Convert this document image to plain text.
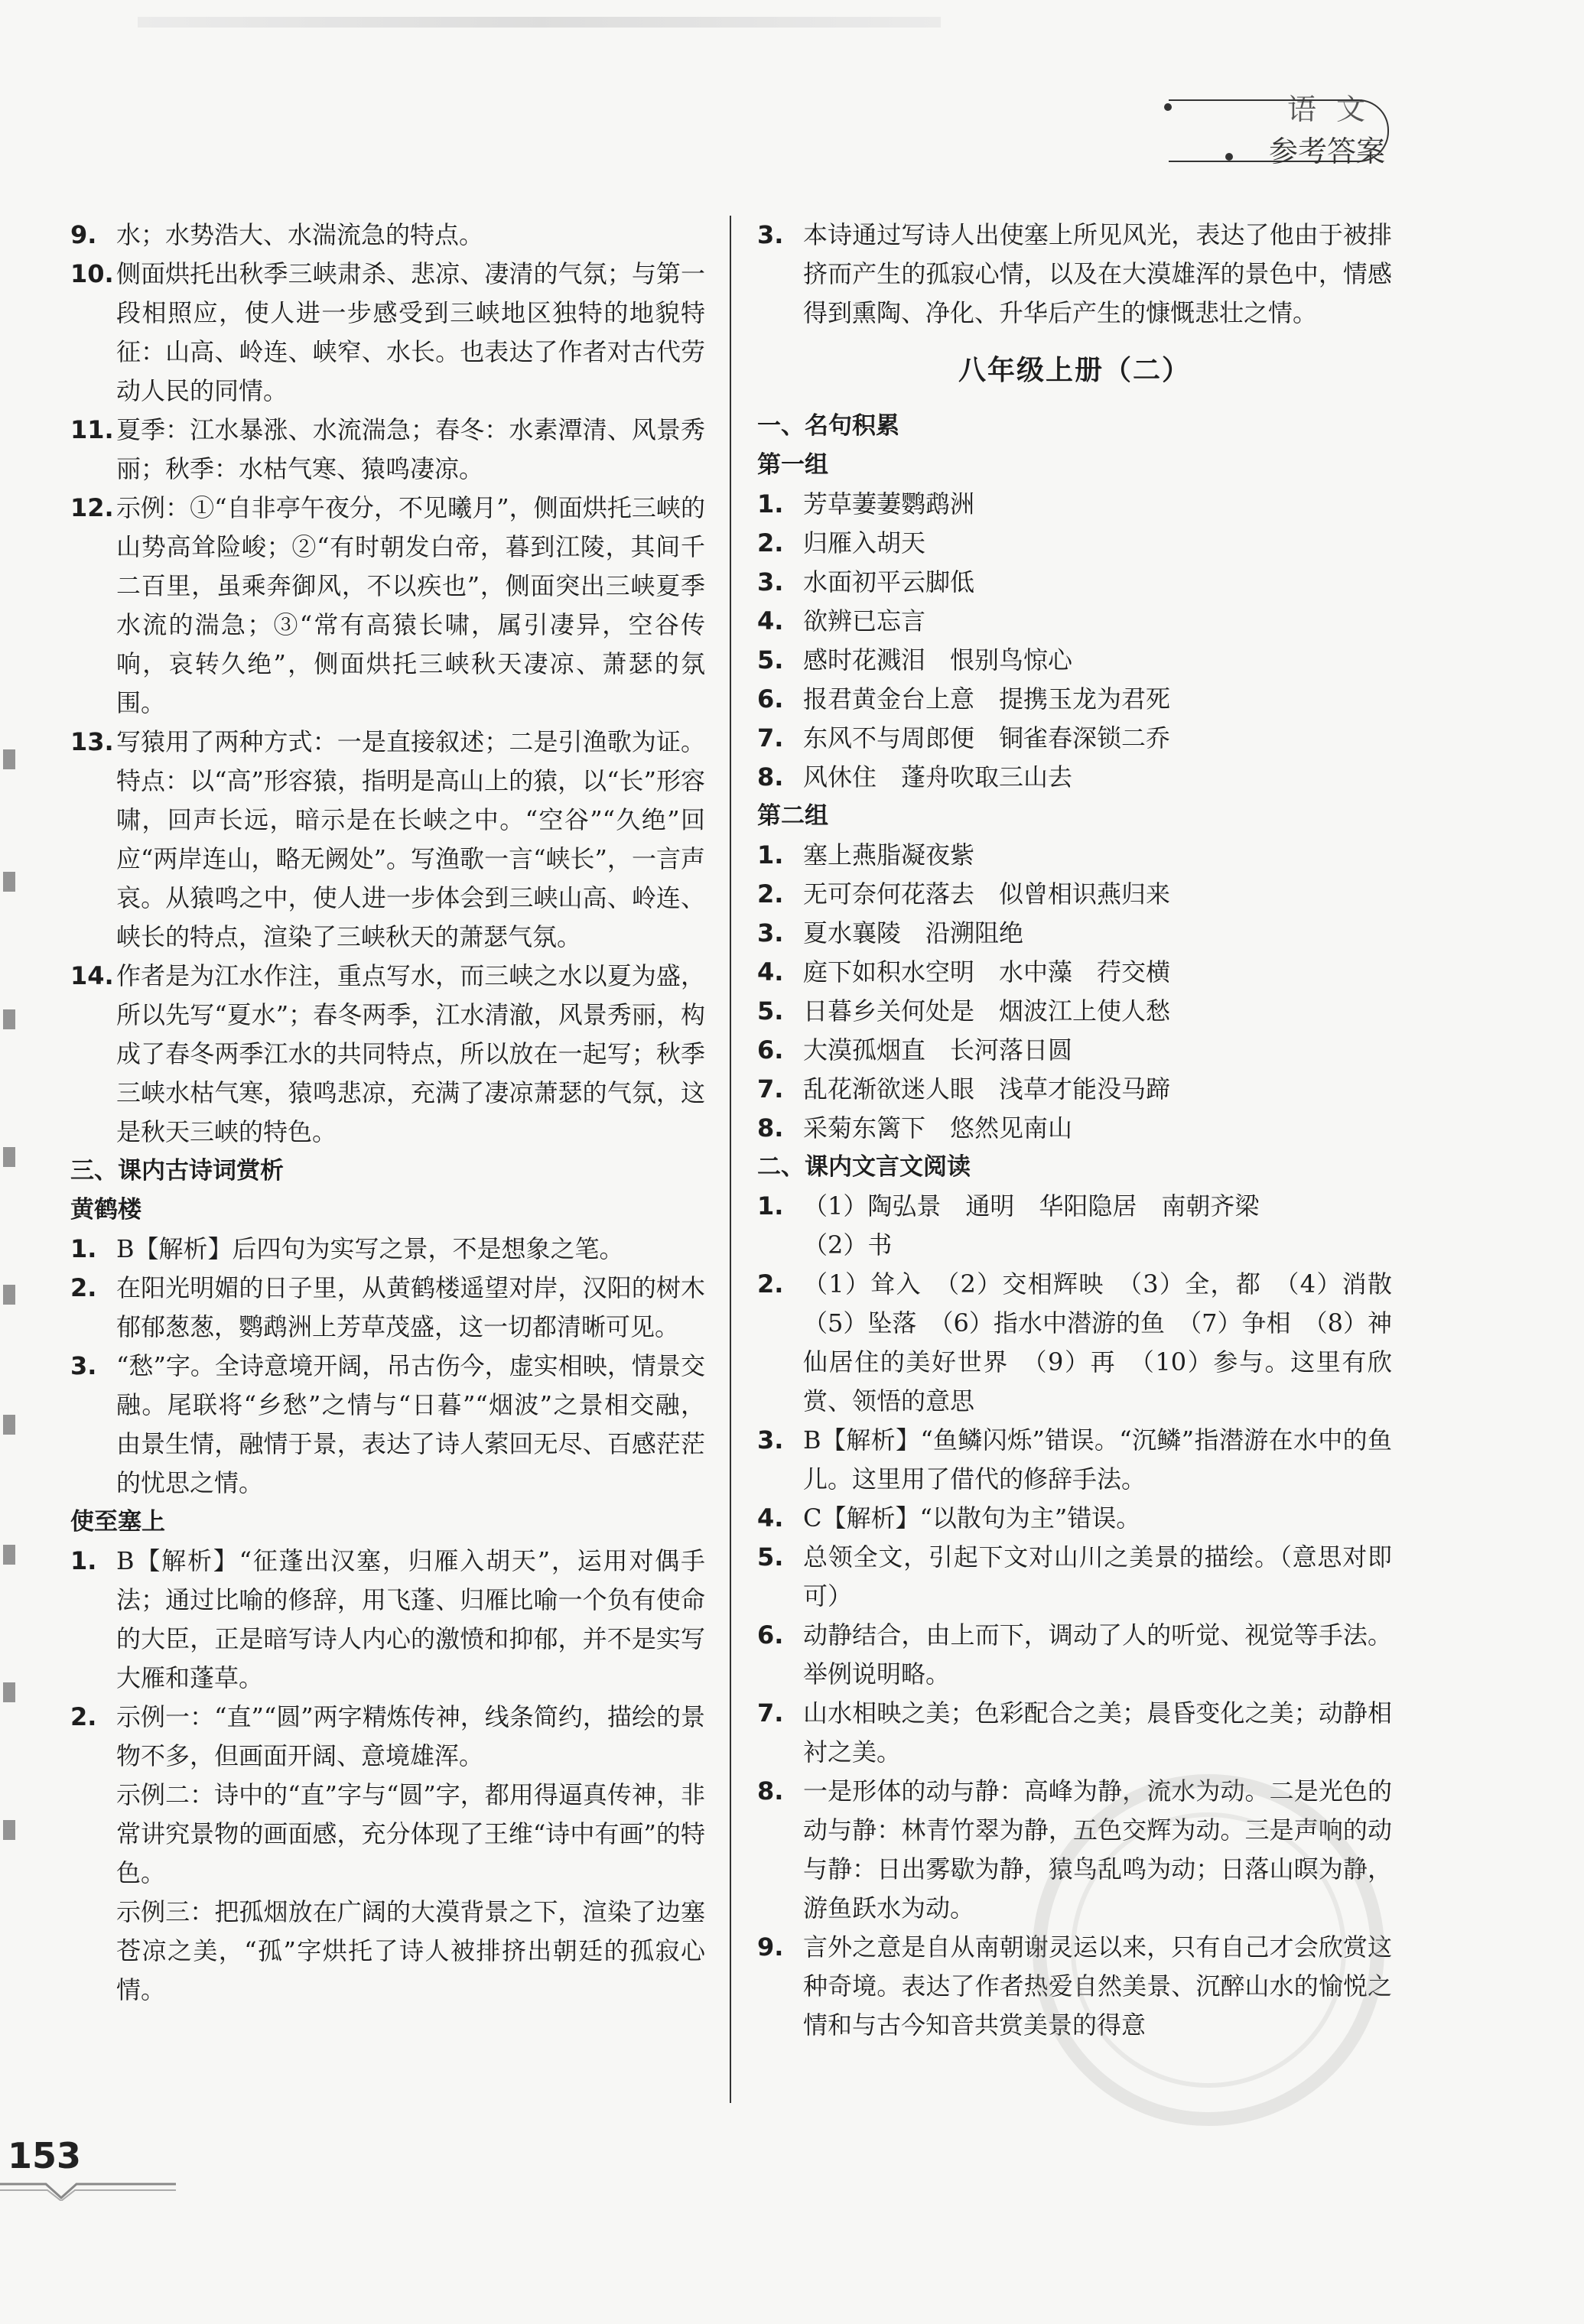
语文
参考答案
9. 水；水势浩大、水湍流急的特点。
10. 侧面烘托出秋季三峡肃杀、悲凉、凄清的气氛；与第一段相照应，使人进一步感受到三峡地区独特的地貌特征：山高、岭连、峡窄、水长。也表达了作者对古代劳动人民的同情。
11. 夏季：江水暴涨、水流湍急；春冬：水素潭清、风景秀丽；秋季：水枯气寒、猿鸣凄凉。
12. 示例：①“自非亭午夜分，不见曦月”，侧面烘托三峡的山势高耸险峻；②“有时朝发白帝，暮到江陵，其间千二百里，虽乘奔御风，不以疾也”，侧面突出三峡夏季水流的湍急；③“常有高猿长啸，属引凄异，空谷传响，哀转久绝”，侧面烘托三峡秋天凄凉、萧瑟的氛围。
13. 写猿用了两种方式：一是直接叙述；二是引渔歌为证。特点：以“高”形容猿，指明是高山上的猿，以“长”形容啸，回声长远，暗示是在长峡之中。“空谷”“久绝”回应“两岸连山，略无阙处”。写渔歌一言“峡长”，一言声哀。从猿鸣之中，使人进一步体会到三峡山高、岭连、峡长的特点，渲染了三峡秋天的萧瑟气氛。
14. 作者是为江水作注，重点写水，而三峡之水以夏为盛，所以先写“夏水”；春冬两季，江水清澈，风景秀丽，构成了春冬两季江水的共同特点，所以放在一起写；秋季三峡水枯气寒，猿鸣悲凉，充满了凄凉萧瑟的气氛，这是秋天三峡的特色。
三、课内古诗词赏析
黄鹤楼
1. B【解析】后四句为实写之景，不是想象之笔。
2. 在阳光明媚的日子里，从黄鹤楼遥望对岸，汉阳的树木郁郁葱葱，鹦鹉洲上芳草茂盛，这一切都清晰可见。
3. “愁”字。全诗意境开阔，吊古伤今，虚实相映，情景交融。尾联将“乡愁”之情与“日暮”“烟波”之景相交融，由景生情，融情于景，表达了诗人萦回无尽、百感茫茫的忧思之情。
使至塞上
1. B【解析】“征蓬出汉塞，归雁入胡天”，运用对偶手法；通过比喻的修辞，用飞蓬、归雁比喻一个负有使命的大臣，正是暗写诗人内心的激愤和抑郁，并不是实写大雁和蓬草。
2. 示例一：“直”“圆”两字精炼传神，线条简约，描绘的景物不多，但画面开阔、意境雄浑。
示例二：诗中的“直”字与“圆”字，都用得逼真传神，非常讲究景物的画面感，充分体现了王维“诗中有画”的特色。
示例三：把孤烟放在广阔的大漠背景之下，渲染了边塞苍凉之美，“孤”字烘托了诗人被排挤出朝廷的孤寂心情。
3. 本诗通过写诗人出使塞上所见风光，表达了他由于被排挤而产生的孤寂心情，以及在大漠雄浑的景色中，情感得到熏陶、净化、升华后产生的慷慨悲壮之情。
八年级上册（二）
一、名句积累
第一组
1. 芳草萋萋鹦鹉洲
2. 归雁入胡天
3. 水面初平云脚低
4. 欲辨已忘言
5. 感时花溅泪　恨别鸟惊心
6. 报君黄金台上意　提携玉龙为君死
7. 东风不与周郎便　铜雀春深锁二乔
8. 风休住　蓬舟吹取三山去
第二组
1. 塞上燕脂凝夜紫
2. 无可奈何花落去　似曾相识燕归来
3. 夏水襄陵　沿溯阻绝
4. 庭下如积水空明　水中藻　荇交横
5. 日暮乡关何处是　烟波江上使人愁
6. 大漠孤烟直　长河落日圆
7. 乱花渐欲迷人眼　浅草才能没马蹄
8. 采菊东篱下　悠然见南山
二、课内文言文阅读
1. （1）陶弘景　通明　华阳隐居　南朝齐梁
（2）书
2. （1）耸入　（2）交相辉映　（3）全，都　（4）消散　（5）坠落　（6）指水中潜游的鱼　（7）争相　（8）神仙居住的美好世界　（9）再　（10）参与。这里有欣赏、领悟的意思
3. B【解析】“鱼鳞闪烁”错误。“沉鳞”指潜游在水中的鱼儿。这里用了借代的修辞手法。
4. C【解析】“以散句为主”错误。
5. 总领全文，引起下文对山川之美景的描绘。（意思对即可）
6. 动静结合，由上而下，调动了人的听觉、视觉等手法。举例说明略。
7. 山水相映之美；色彩配合之美；晨昏变化之美；动静相衬之美。
8. 一是形体的动与静：高峰为静，流水为动。二是光色的动与静：林青竹翠为静，五色交辉为动。三是声响的动与静：日出雾歇为静，猿鸟乱鸣为动；日落山暝为静，游鱼跃水为动。
9. 言外之意是自从南朝谢灵运以来，只有自己才会欣赏这种奇境。表达了作者热爱自然美景、沉醉山水的愉悦之情和与古今知音共赏美景的得意
153
